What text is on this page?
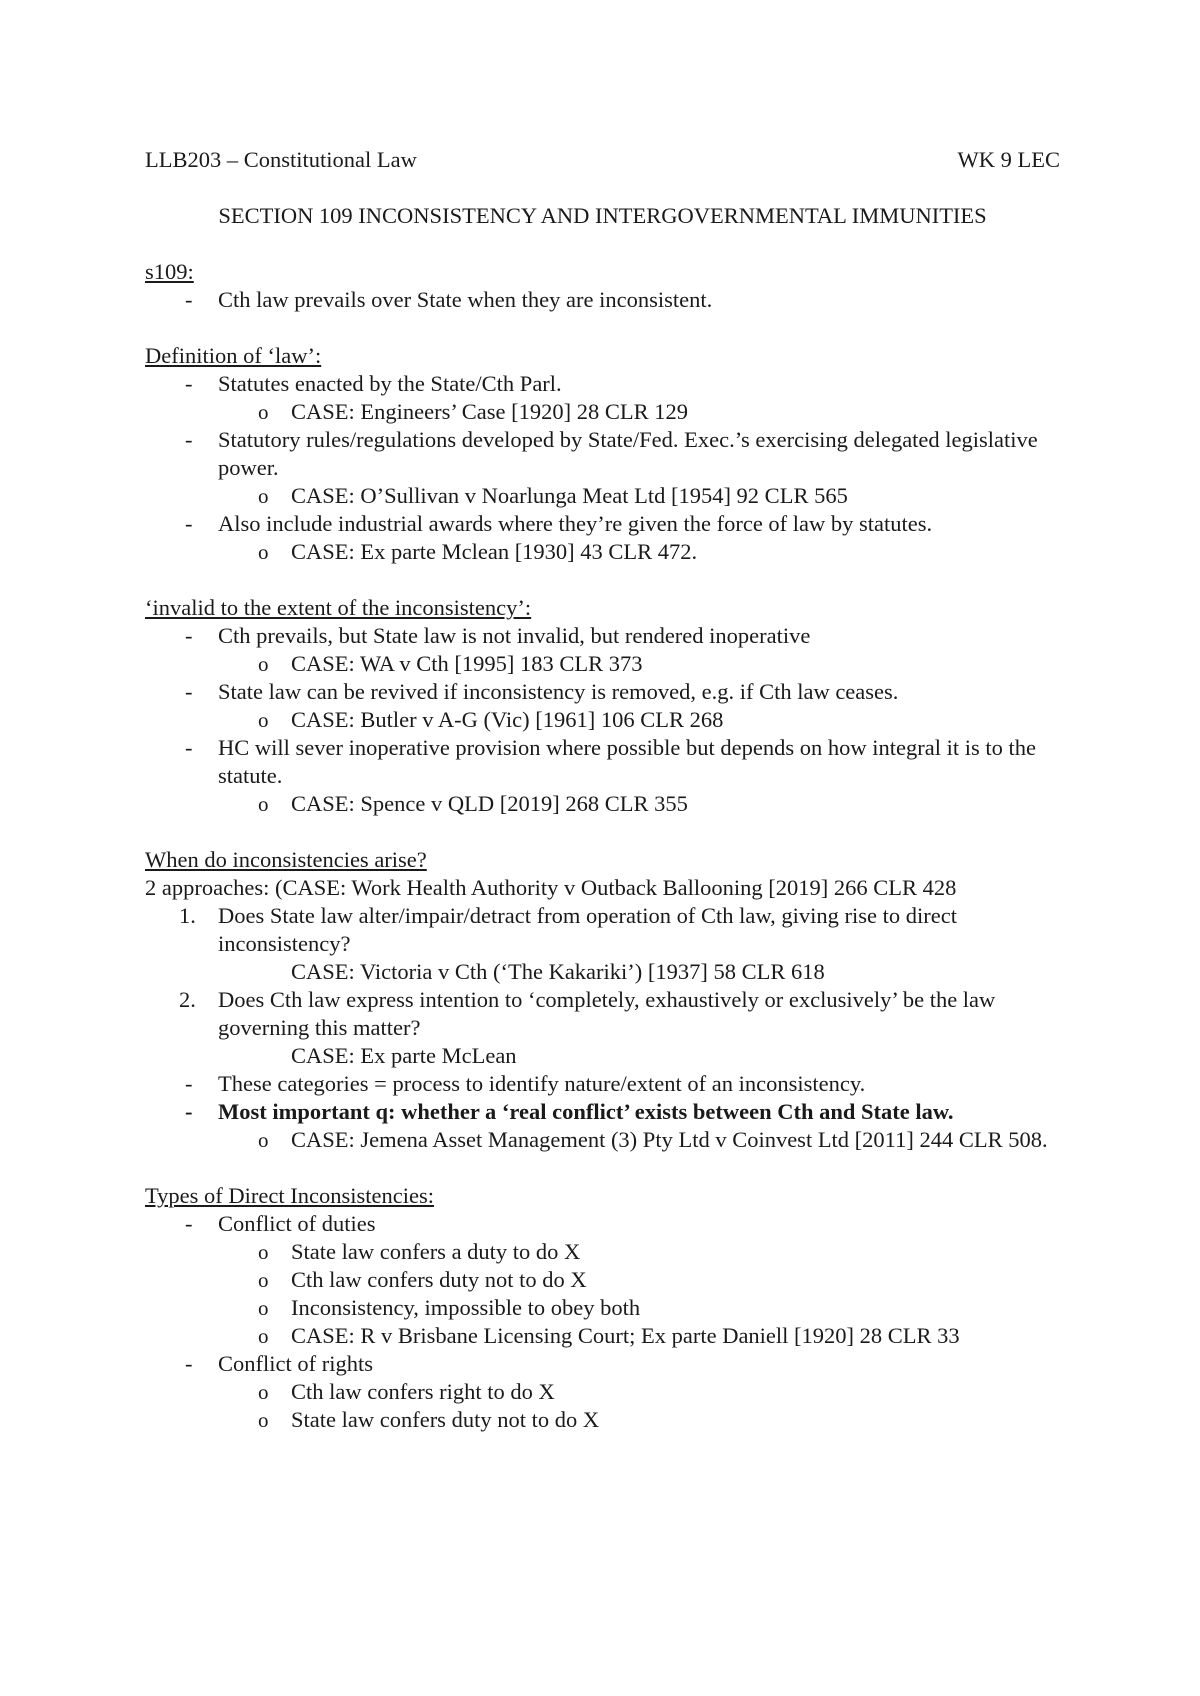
LLB203 – Constitutional Law	WK 9 LEC
SECTION 109 INCONSISTENCY AND INTERGOVERNMENTAL IMMUNITIES
s109:
- Cth law prevails over State when they are inconsistent.
Definition of ‘law’:
- Statutes enacted by the State/Cth Parl.
o CASE: Engineers’ Case [1920] 28 CLR 129
- Statutory rules/regulations developed by State/Fed. Exec.’s exercising delegated legislative power.
o CASE: O’Sullivan v Noarlunga Meat Ltd [1954] 92 CLR 565
- Also include industrial awards where they’re given the force of law by statutes.
o CASE: Ex parte Mclean [1930] 43 CLR 472.
‘invalid to the extent of the inconsistency’:
- Cth prevails, but State law is not invalid, but rendered inoperative
o CASE: WA v Cth [1995] 183 CLR 373
- State law can be revived if inconsistency is removed, e.g. if Cth law ceases.
o CASE: Butler v A-G (Vic) [1961] 106 CLR 268
- HC will sever inoperative provision where possible but depends on how integral it is to the statute.
o CASE: Spence v QLD [2019] 268 CLR 355
When do inconsistencies arise?
2 approaches: (CASE: Work Health Authority v Outback Ballooning [2019] 266 CLR 428
1. Does State law alter/impair/detract from operation of Cth law, giving rise to direct inconsistency?
CASE: Victoria v Cth (‘The Kakariki’) [1937] 58 CLR 618
2. Does Cth law express intention to ‘completely, exhaustively or exclusively’ be the law governing this matter?
CASE: Ex parte McLean
- These categories = process to identify nature/extent of an inconsistency.
- Most important q: whether a ‘real conflict’ exists between Cth and State law.
o CASE: Jemena Asset Management (3) Pty Ltd v Coinvest Ltd [2011] 244 CLR 508.
Types of Direct Inconsistencies:
- Conflict of duties
o State law confers a duty to do X
o Cth law confers duty not to do X
o Inconsistency, impossible to obey both
o CASE: R v Brisbane Licensing Court; Ex parte Daniell [1920] 28 CLR 33
- Conflict of rights
o Cth law confers right to do X
o State law confers duty not to do X
